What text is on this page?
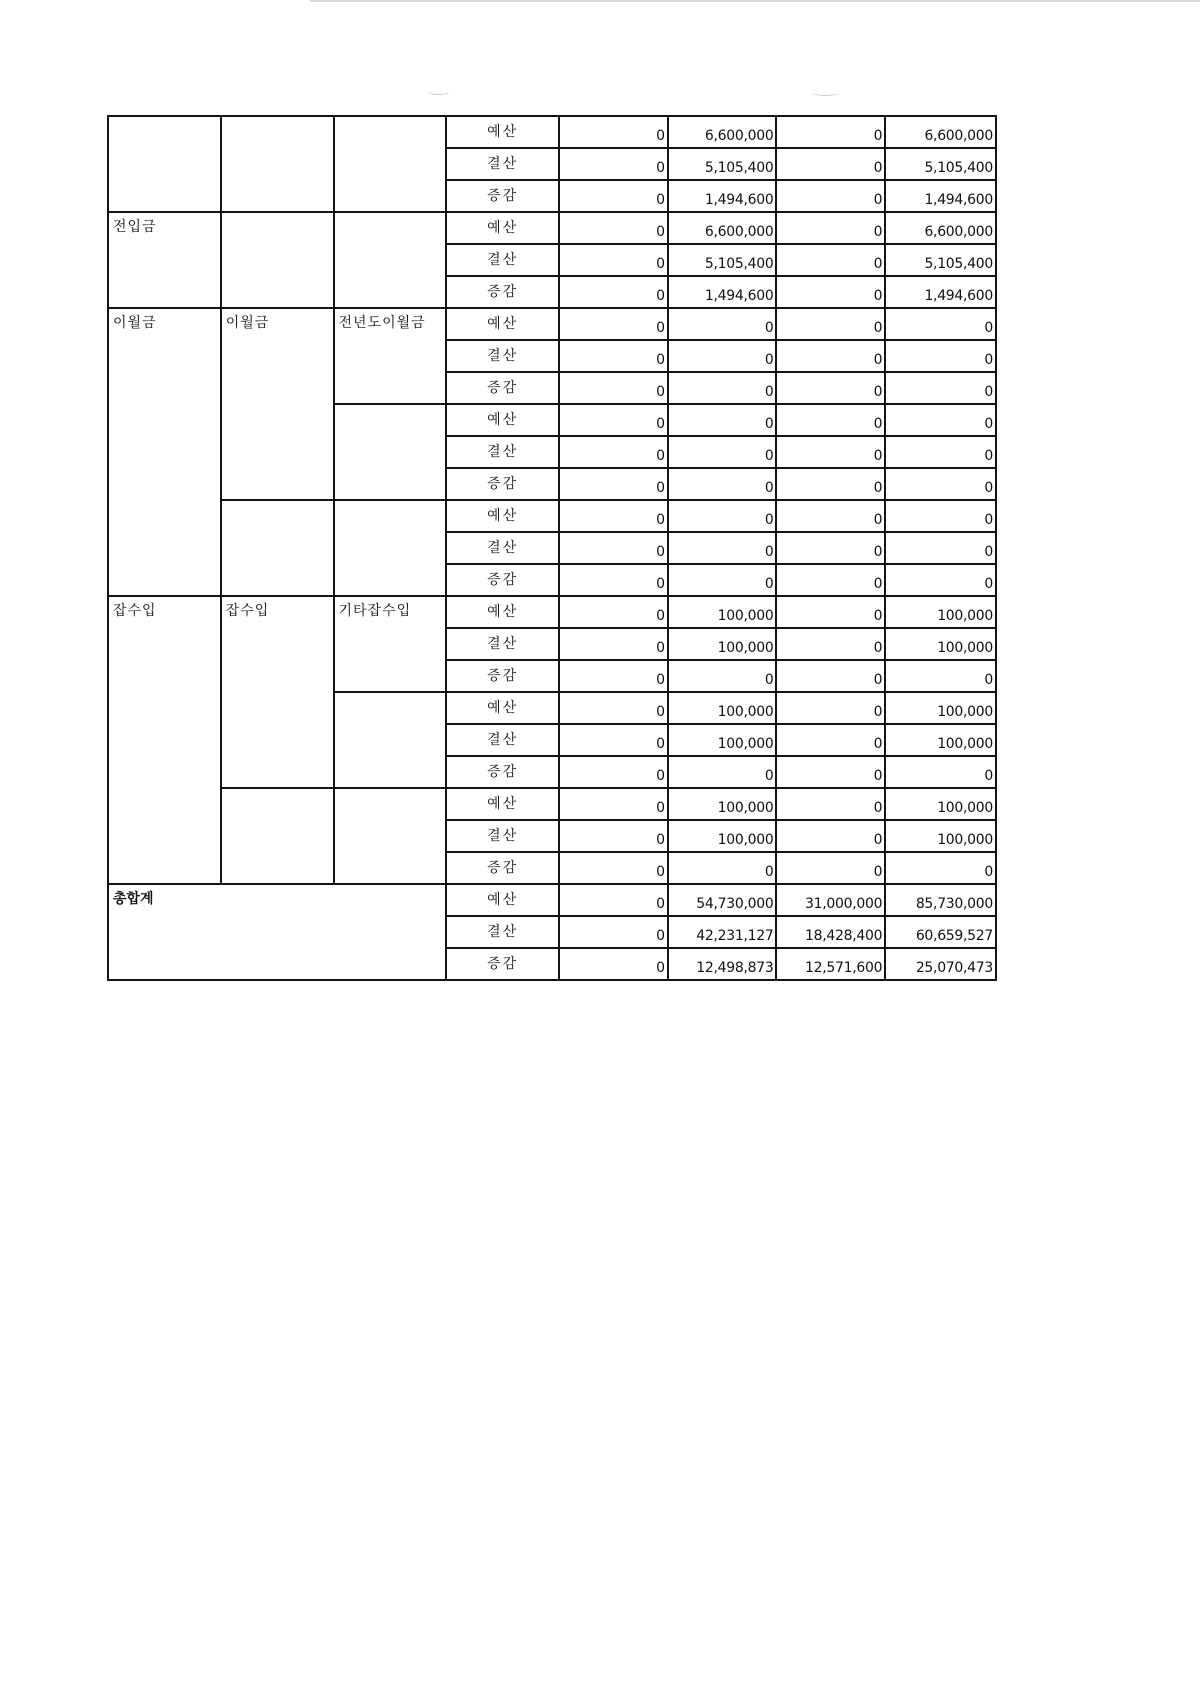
			예산	0	6,600,000	0	6,600,000
			결산	0	5,105,400	0	5,105,400
			증감	0	1,494,600	0	1,494,600
전입금			예산	0	6,600,000	0	6,600,000
			결산	0	5,105,400	0	5,105,400
			증감	0	1,494,600	0	1,494,600
이월금	이월금	전년도이월금	예산	0	0	0	0
			결산	0	0	0	0
			증감	0	0	0	0
			예산	0	0	0	0
			결산	0	0	0	0
			증감	0	0	0	0
			예산	0	0	0	0
			결산	0	0	0	0
			증감	0	0	0	0
잡수입	잡수입	기타잡수입	예산	0	100,000	0	100,000
			결산	0	100,000	0	100,000
			증감	0	0	0	0
			예산	0	100,000	0	100,000
			결산	0	100,000	0	100,000
			증감	0	0	0	0
			예산	0	100,000	0	100,000
			결산	0	100,000	0	100,000
			증감	0	0	0	0
총합계			예산	0	54,730,000	31,000,000	85,730,000
			결산	0	42,231,127	18,428,400	60,659,527
			증감	0	12,498,873	12,571,600	25,070,473
